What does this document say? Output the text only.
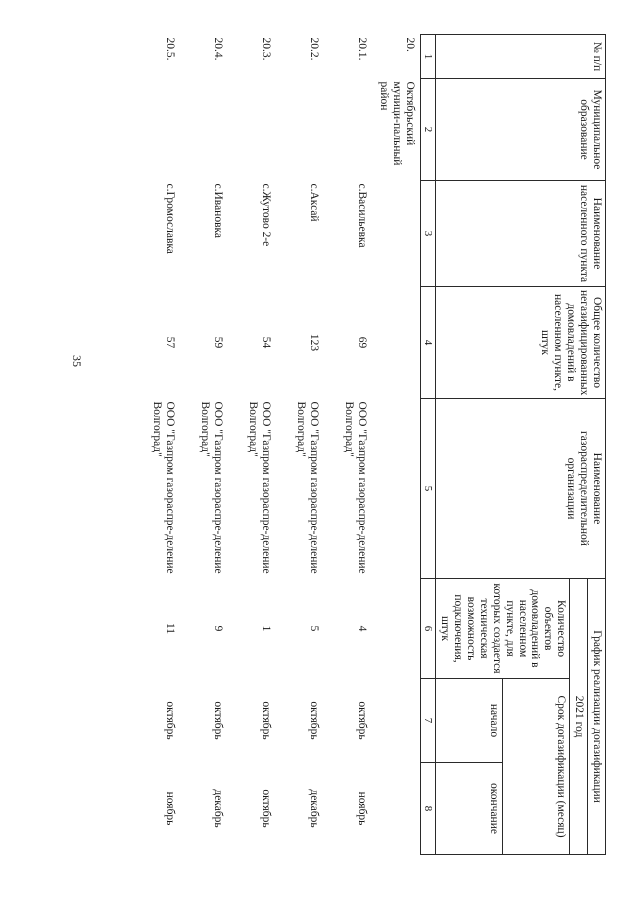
35
№ п/п	Муниципальное образование	Наименование населенного пункта	Общее количество негазифицированных домовладений в населенном пункте, штук	Наименование газораспределительной организации	График реализации догазификации		
					2021 год		
					Количество объектов домовладений в населенном пункте, для которых создается техническая возможность подключения, штук	Срок догазификации (месяц)	
						начало	окончание
1	2	3	4	5	6	7	8
20.	Октябрьский муници-пальный район						
20.1.		с.Васильевка	69	ООО "Газпром газораспре-деление Волгоград"	4	октябрь	ноябрь
20.2.		с.Аксай	123	ООО "Газпром газораспре-деление Волгоград"	5	октябрь	декабрь
20.3.		с.Жутово 2-е	54	ООО "Газпром газораспре-деление Волгоград"	1	октябрь	октябрь
20.4.		с.Ивановка	59	ООО "Газпром газораспре-деление Волгоград"	9	октябрь	декабрь
20.5.		с.Громославка	57	ООО "Газпром газораспре-деление Волгоград"	11	октябрь	ноябрь
